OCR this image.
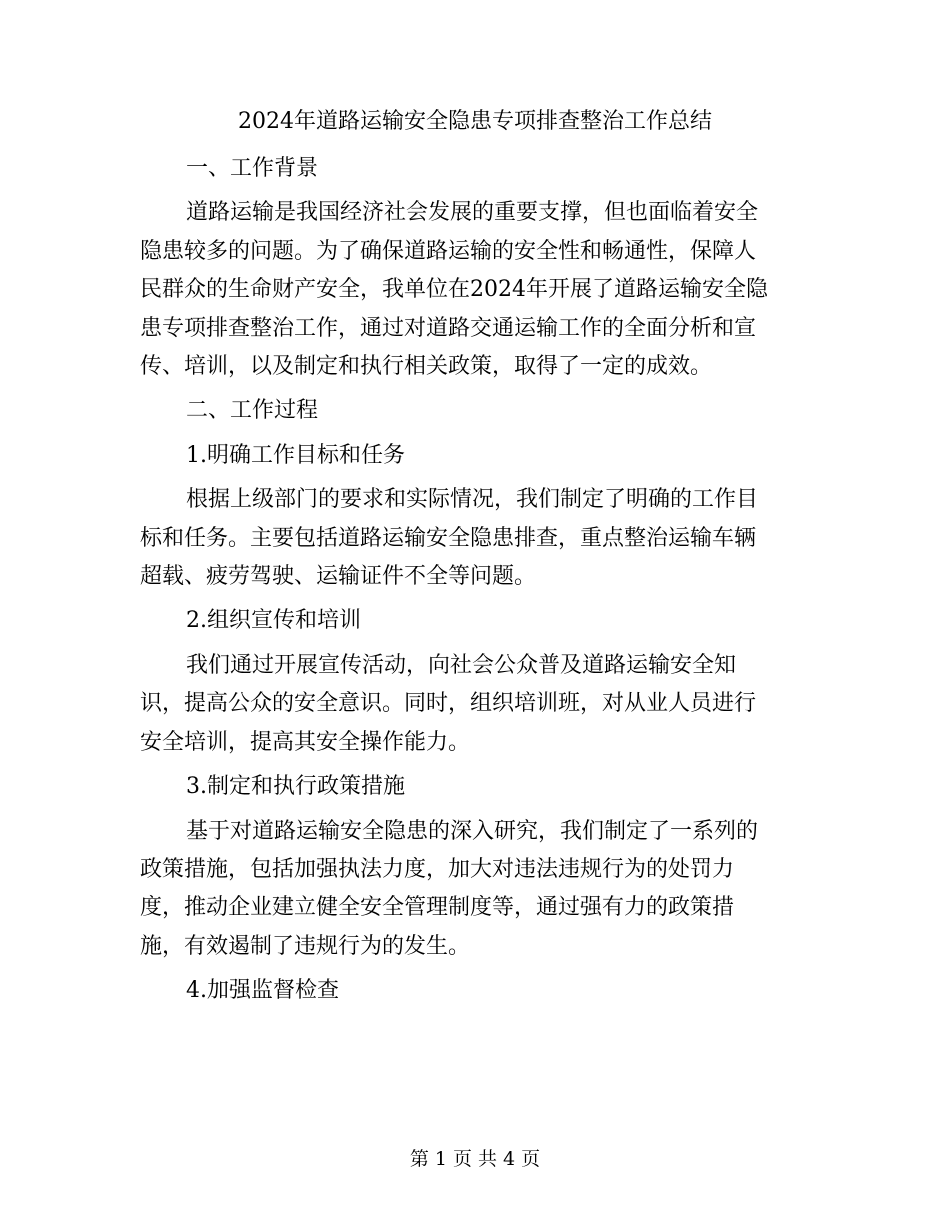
2024年道路运输安全隐患专项排查整治工作总结
一、工作背景
道路运输是我国经济社会发展的重要支撑，但也面临着安全
隐患较多的问题。为了确保道路运输的安全性和畅通性，保障人
民群众的生命财产安全，我单位在2024年开展了道路运输安全隐
患专项排查整治工作，通过对道路交通运输工作的全面分析和宣
传、培训，以及制定和执行相关政策，取得了一定的成效。
二、工作过程
1.明确工作目标和任务
根据上级部门的要求和实际情况，我们制定了明确的工作目
标和任务。主要包括道路运输安全隐患排查，重点整治运输车辆
超载、疲劳驾驶、运输证件不全等问题。
2.组织宣传和培训
我们通过开展宣传活动，向社会公众普及道路运输安全知
识，提高公众的安全意识。同时，组织培训班，对从业人员进行
安全培训，提高其安全操作能力。
3.制定和执行政策措施
基于对道路运输安全隐患的深入研究，我们制定了一系列的
政策措施，包括加强执法力度，加大对违法违规行为的处罚力
度，推动企业建立健全安全管理制度等，通过强有力的政策措
施，有效遏制了违规行为的发生。
4.加强监督检查
第 1 页 共 4 页
